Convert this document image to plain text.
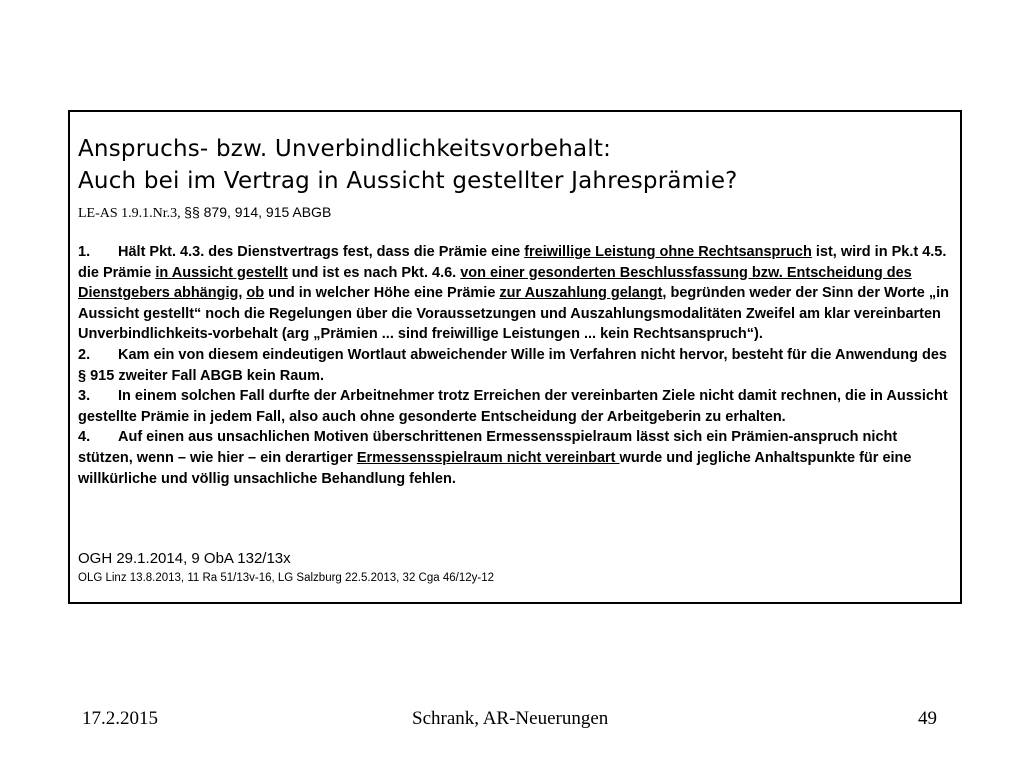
Anspruchs- bzw. Unverbindlichkeitsvorbehalt:
Auch bei im Vertrag in Aussicht gestellter Jahresprämie?
LE-AS 1.9.1.Nr.3, §§ 879, 914, 915 ABGB

1. Hält Pkt. 4.3. des Dienstvertrags fest, dass die Prämie eine freiwillige Leistung ohne Rechtsanspruch ist, wird in Pk.t 4.5. die Prämie in Aussicht gestellt und ist es nach Pkt. 4.6. von einer gesonderten Beschlussfassung bzw. Entscheidung des Dienstgebers abhängig, ob und in welcher Höhe eine Prämie zur Auszahlung gelangt, begründen weder der Sinn der Worte „in Aussicht gestellt“ noch die Regelungen über die Voraussetzungen und Auszahlungsmodalitäten Zweifel am klar vereinbarten Unverbindlichkeits-vorbehalt (arg „Prämien ... sind freiwillige Leistungen ... kein Rechtsanspruch“).

2. Kam ein von diesem eindeutigen Wortlaut abweichender Wille im Verfahren nicht hervor, besteht für die Anwendung des § 915 zweiter Fall ABGB kein Raum.

3. In einem solchen Fall durfte der Arbeitnehmer trotz Erreichen der vereinbarten Ziele nicht damit rechnen, die in Aussicht gestellte Prämie in jedem Fall, also auch ohne gesonderte Entscheidung der Arbeitgeberin zu erhalten.

4. Auf einen aus unsachlichen Motiven überschrittenen Ermessensspielraum lässt sich ein Prämien-anspruch nicht stützen, wenn – wie hier – ein derartiger Ermessensspielraum nicht vereinbart wurde und jegliche Anhaltspunkte für eine willkürliche und völlig unsachliche Behandlung fehlen.

OGH 29.1.2014, 9 ObA 132/13x
OLG Linz 13.8.2013, 11 Ra 51/13v-16, LG Salzburg 22.5.2013, 32 Cga 46/12y-12
17.2.2015	Schrank, AR-Neuerungen	49
